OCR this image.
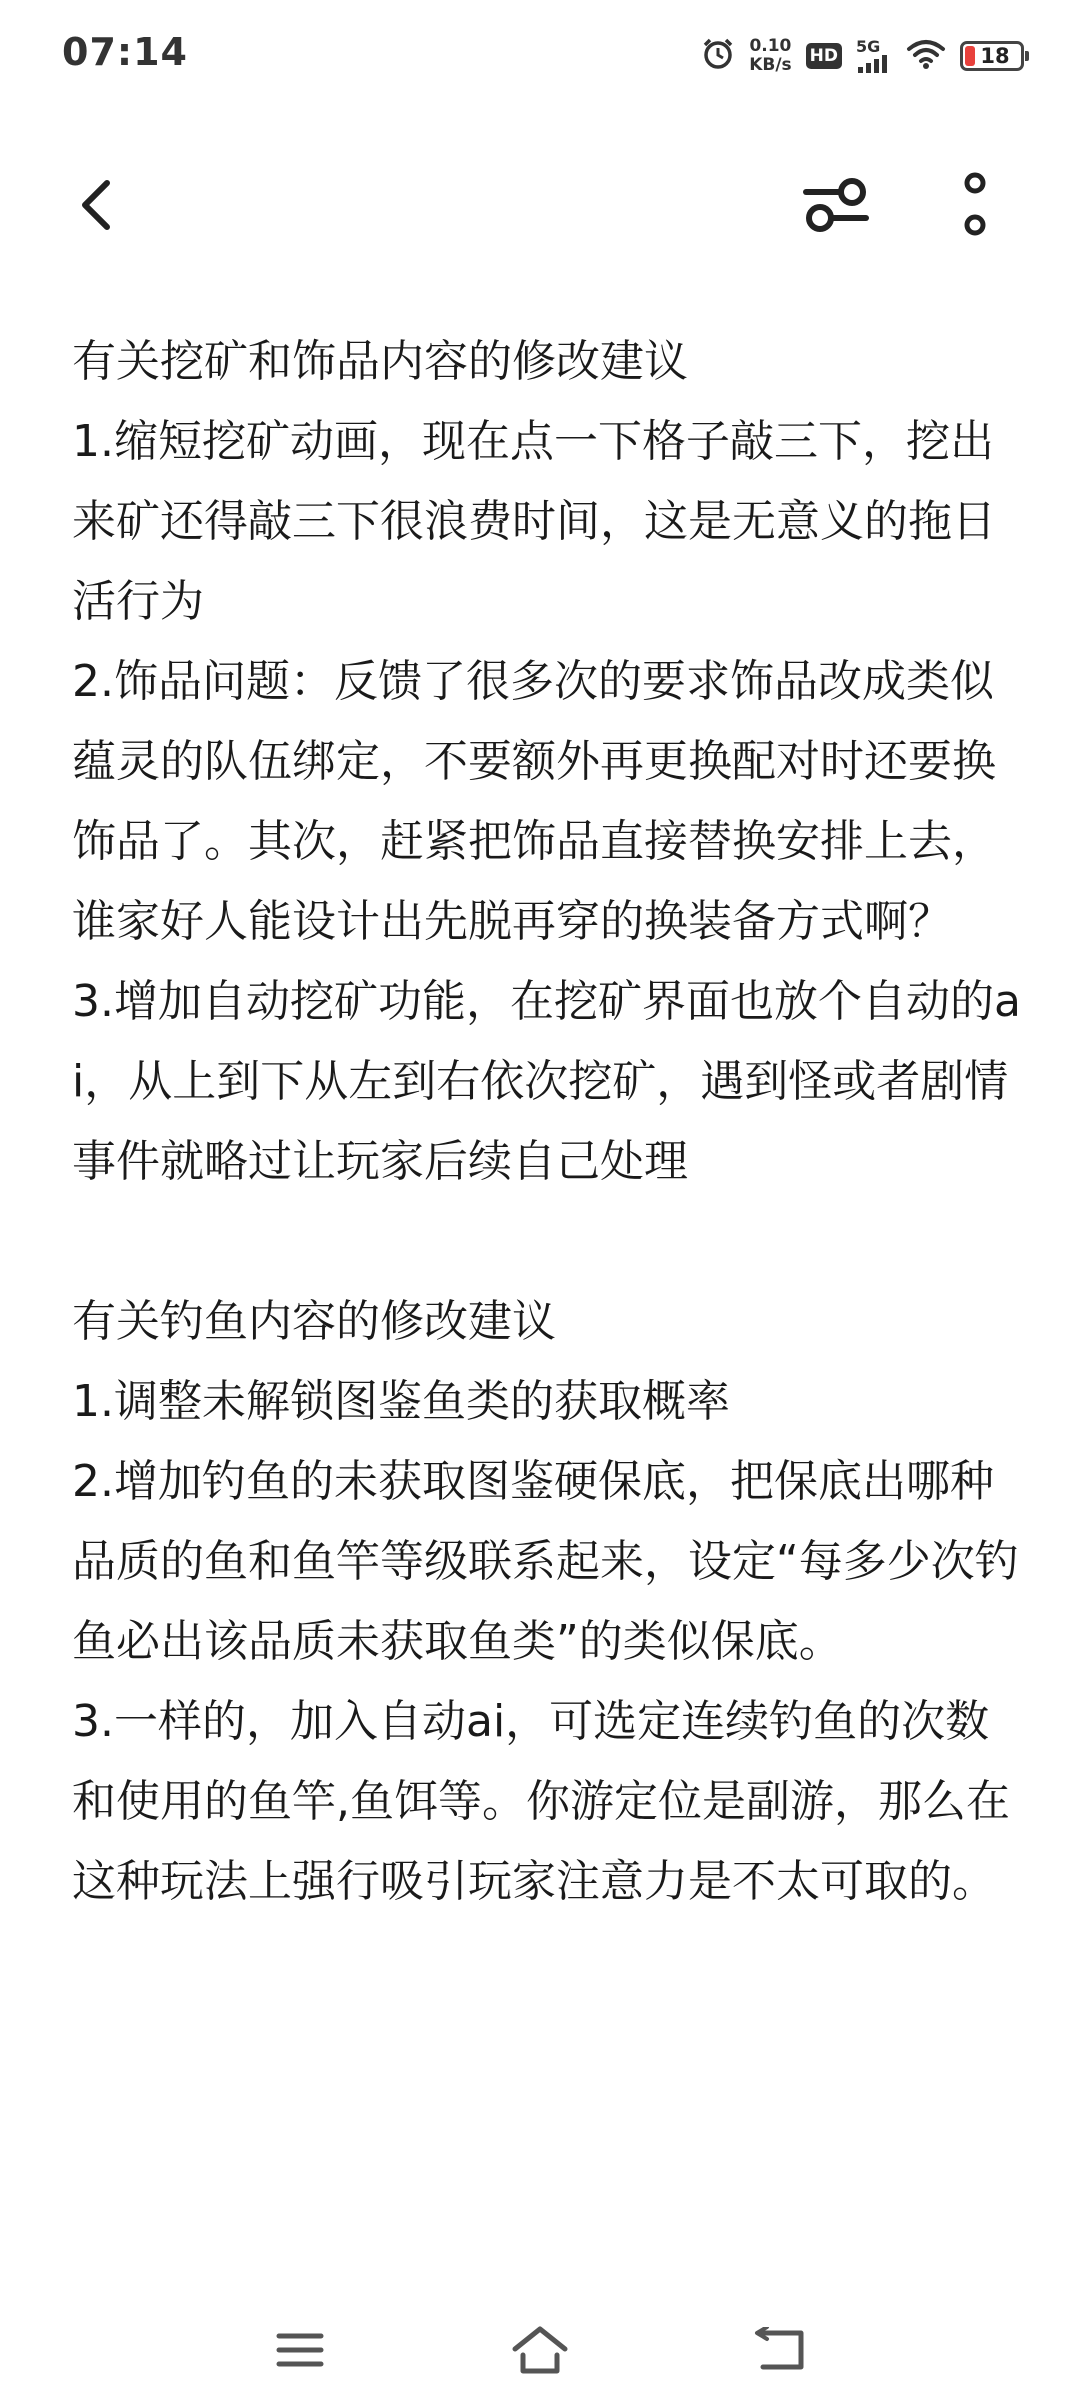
07:14	0.10
KB/s HD 5G	18

有关挖矿和饰品内容的修改建议

1.缩短挖矿动画，现在点一下格子敲三下，挖出来矿还得敲三下很浪费时间，这是无意义的拖日活行为

2.饰品问题：反馈了很多次的要求饰品改成类似蕴灵的队伍绑定，不要额外再更换配对时还要换饰品了。其次，赶紧把饰品直接替换安排上去，谁家好人能设计出先脱再穿的换装备方式啊？

3.增加自动挖矿功能，在挖矿界面也放个自动的ai，从上到下从左到右依次挖矿，遇到怪或者剧情事件就略过让玩家后续自己处理

有关钓鱼内容的修改建议

1.调整未解锁图鉴鱼类的获取概率

2.增加钓鱼的未获取图鉴硬保底，把保底出哪种品质的鱼和鱼竿等级联系起来，设定“每多少次钓鱼必出该品质未获取鱼类”的类似保底。

3.一样的，加入自动ai，可选定连续钓鱼的次数和使用的鱼竿,鱼饵等。你游定位是副游，那么在这种玩法上强行吸引玩家注意力是不太可取的。
